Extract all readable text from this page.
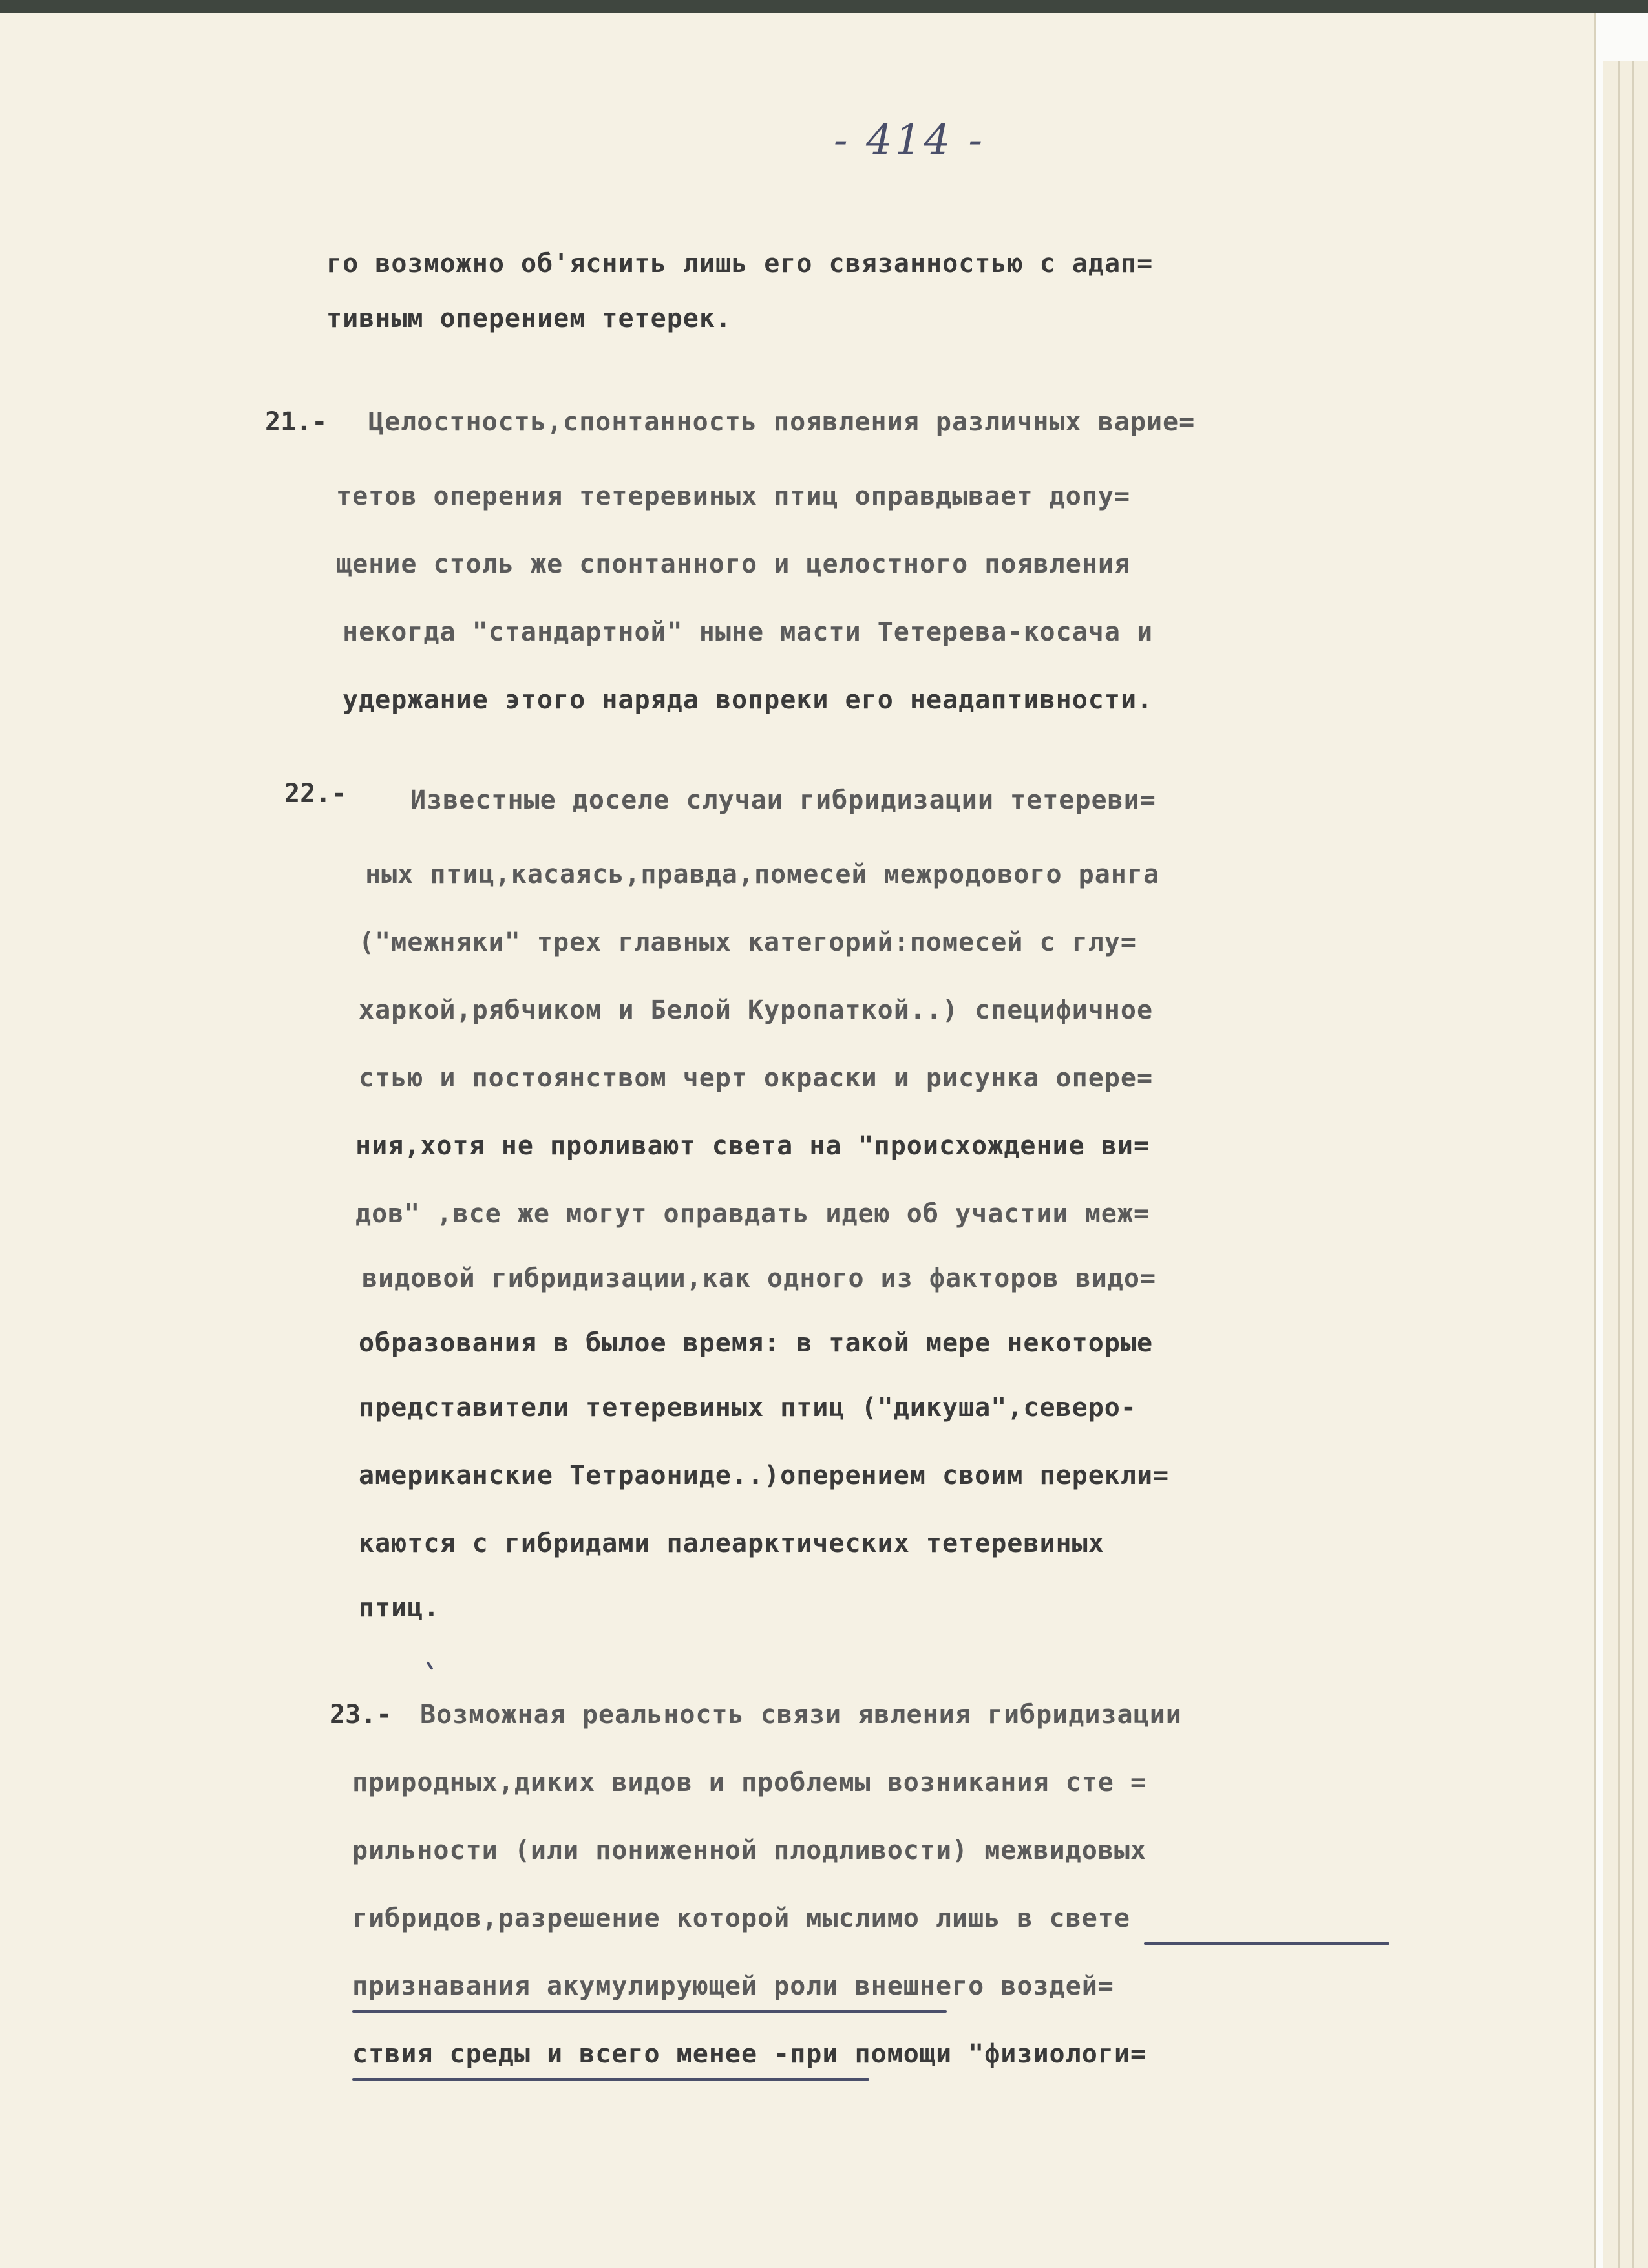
- 414 -
го возможно об'яснить лишь его связанностью с адап=
тивным оперением тетерек.
21.- Целостность,спонтанность появления различных варие=
тетов оперения тетеревиных птиц оправдывает допу=
щение столь же спонтанного и целостного появления
некогда "стандартной" ныне масти Тетерева-косача и
удержание этого наряда вопреки его неадаптивности.
22.- Известные доселе случаи гибридизации тетереви=
ных птиц,касаясь,правда,помесей межродового ранга
("межняки" трех главных категорий:помесей с глу=
харкой,рябчиком и Белой Куропаткой..) специфичное
стью и постоянством черт окраски и рисунка опере=
ния,хотя не проливают света на "происхождение ви=
дов" ,все же могут оправдать идею об участии меж=
видовой гибридизации,как одного из факторов видо=
образования в былое время: в такой мере некоторые
представители тетеревиных птиц ("дикуша",северо-
американские Тетраониде..)оперением своим перекли=
каются с гибридами палеарктических тетеревиных
птиц.
23.- Возможная реальность связи явления гибридизации
природных,диких видов и проблемы возникания сте =
рильности (или пониженной плодливости) межвидовых
гибридов,разрешение которой мыслимо лишь в свете
признавания акумулирующей роли внешнего воздей=
ствия среды и всего менее -при помощи "физиологи=
